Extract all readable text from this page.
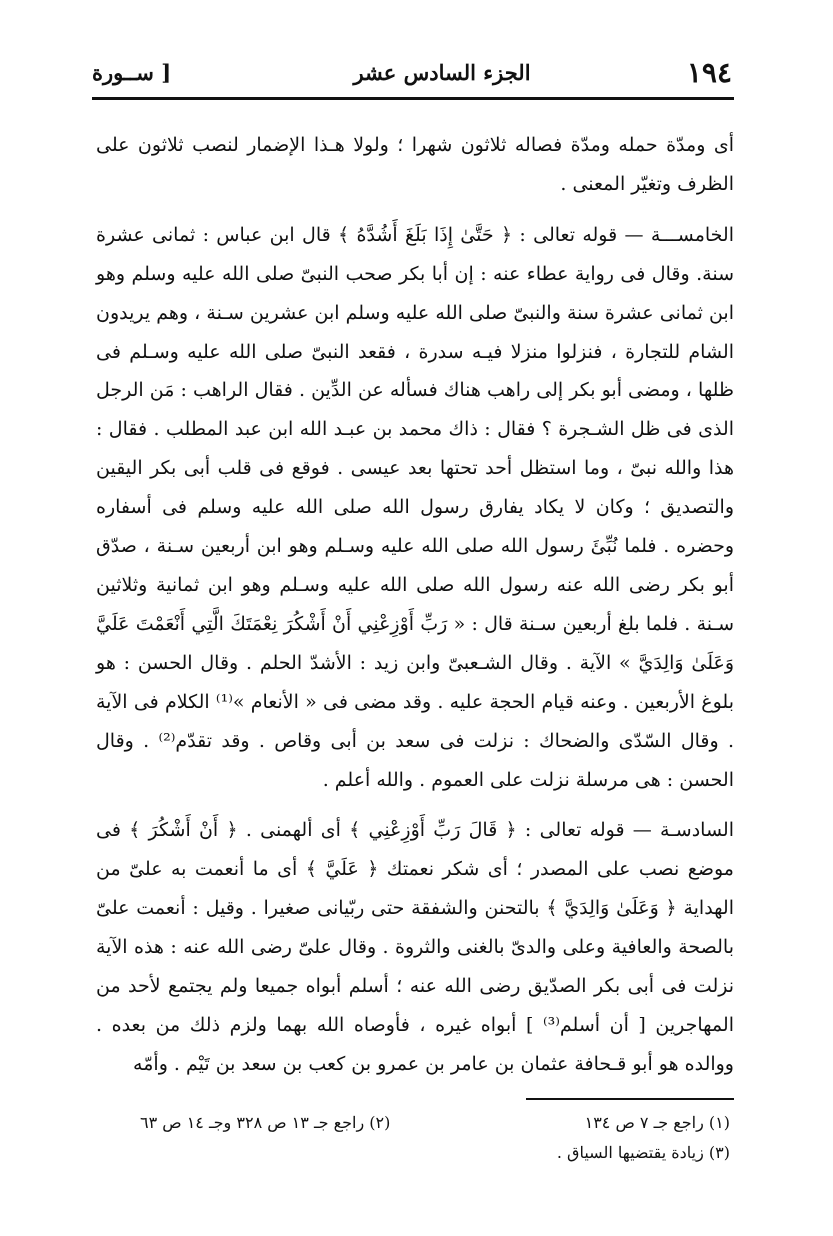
١٩٤
الجزء السادس عشر
[ ســورة

أى ومدّة حمله ومدّة فصاله ثلاثون شهرا ؛ ولولا هـذا الإضمار لنصب ثلاثون على الظرف وتغيّر المعنى .

الخامســـة — قوله تعالى : ﴿ حَتَّىٰ إِذَا بَلَغَ أَشُدَّهُ ﴾ قال ابن عباس : ثمانى عشرة سنة. وقال فى رواية عطاء عنه : إن أبا بكر صحب النبىّ صلى الله عليه وسلم وهو ابن ثمانى عشرة سنة والنبىّ صلى الله عليه وسلم ابن عشرين سـنة ، وهم يريدون الشام للتجارة ، فنزلوا منزلا فيـه سدرة ، فقعد النبىّ صلى الله عليه وسـلم فى ظلها ، ومضى أبو بكر إلى راهب هناك فسأله عن الدِّين . فقال الراهب : مَن الرجل الذى فى ظل الشـجرة ؟ فقال : ذاك محمد بن عبـد الله ابن عبد المطلب . فقال : هذا والله نبىّ ، وما استظل أحد تحتها بعد عيسى . فوقع فى قلب أبى بكر اليقين والتصديق ؛ وكان لا يكاد يفارق رسول الله صلى الله عليه وسلم فى أسفاره وحضره . فلما نُبِّئَ رسول الله صلى الله عليه وسـلم وهو ابن أربعين سـنة ، صدّق أبو بكر رضى الله عنه رسول الله صلى الله عليه وسـلم وهو ابن ثمانية وثلاثين سـنة . فلما بلغ أربعين سـنة قال : « رَبِّ أَوْزِعْنِي أَنْ أَشْكُرَ نِعْمَتَكَ الَّتِي أَنْعَمْتَ عَلَيَّ وَعَلَىٰ وَالِدَيَّ » الآية . وقال الشـعبىّ وابن زيد : الأشدّ الحلم . وقال الحسن : هو بلوغ الأربعين . وعنه قيام الحجة عليه . وقد مضى فى « الأنعام »⁽¹⁾ الكلام فى الآية . وقال السّدّى والضحاك : نزلت فى سعد بن أبى وقاص . وقد تقدّم⁽²⁾ . وقال الحسن : هى مرسلة نزلت على العموم . والله أعلم .

السادسـة — قوله تعالى : ﴿ قَالَ رَبِّ أَوْزِعْنِي ﴾ أى ألهمنى . ﴿ أَنْ أَشْكُرَ ﴾ فى موضع نصب على المصدر ؛ أى شكر نعمتك ﴿ عَلَيَّ ﴾ أى ما أنعمت به علىّ من الهداية ﴿ وَعَلَىٰ وَالِدَيَّ ﴾ بالتحنن والشفقة حتى ربّيانى صغيرا . وقيل : أنعمت علىّ بالصحة والعافية وعلى والدىّ بالغنى والثروة . وقال علىّ رضى الله عنه : هذه الآية نزلت فى أبى بكر الصدّيق رضى الله عنه ؛ أسلم أبواه جميعا ولم يجتمع لأحد من المهاجرين [ أن أسلم⁽³⁾ ] أبواه غيره ، فأوصاه الله بهما ولزم ذلك من بعده . ووالده هو أبو قـحافة عثمان بن عامر بن عمرو بن كعب بن سعد بن تَيْم . وأمّه

(١) راجع جـ ٧ ص ١٣٤
(٢) راجع جـ ١٣ ص ٣٢٨ وجـ ١٤ ص ٦٣
(٣) زيادة يقتضيها السياق .
